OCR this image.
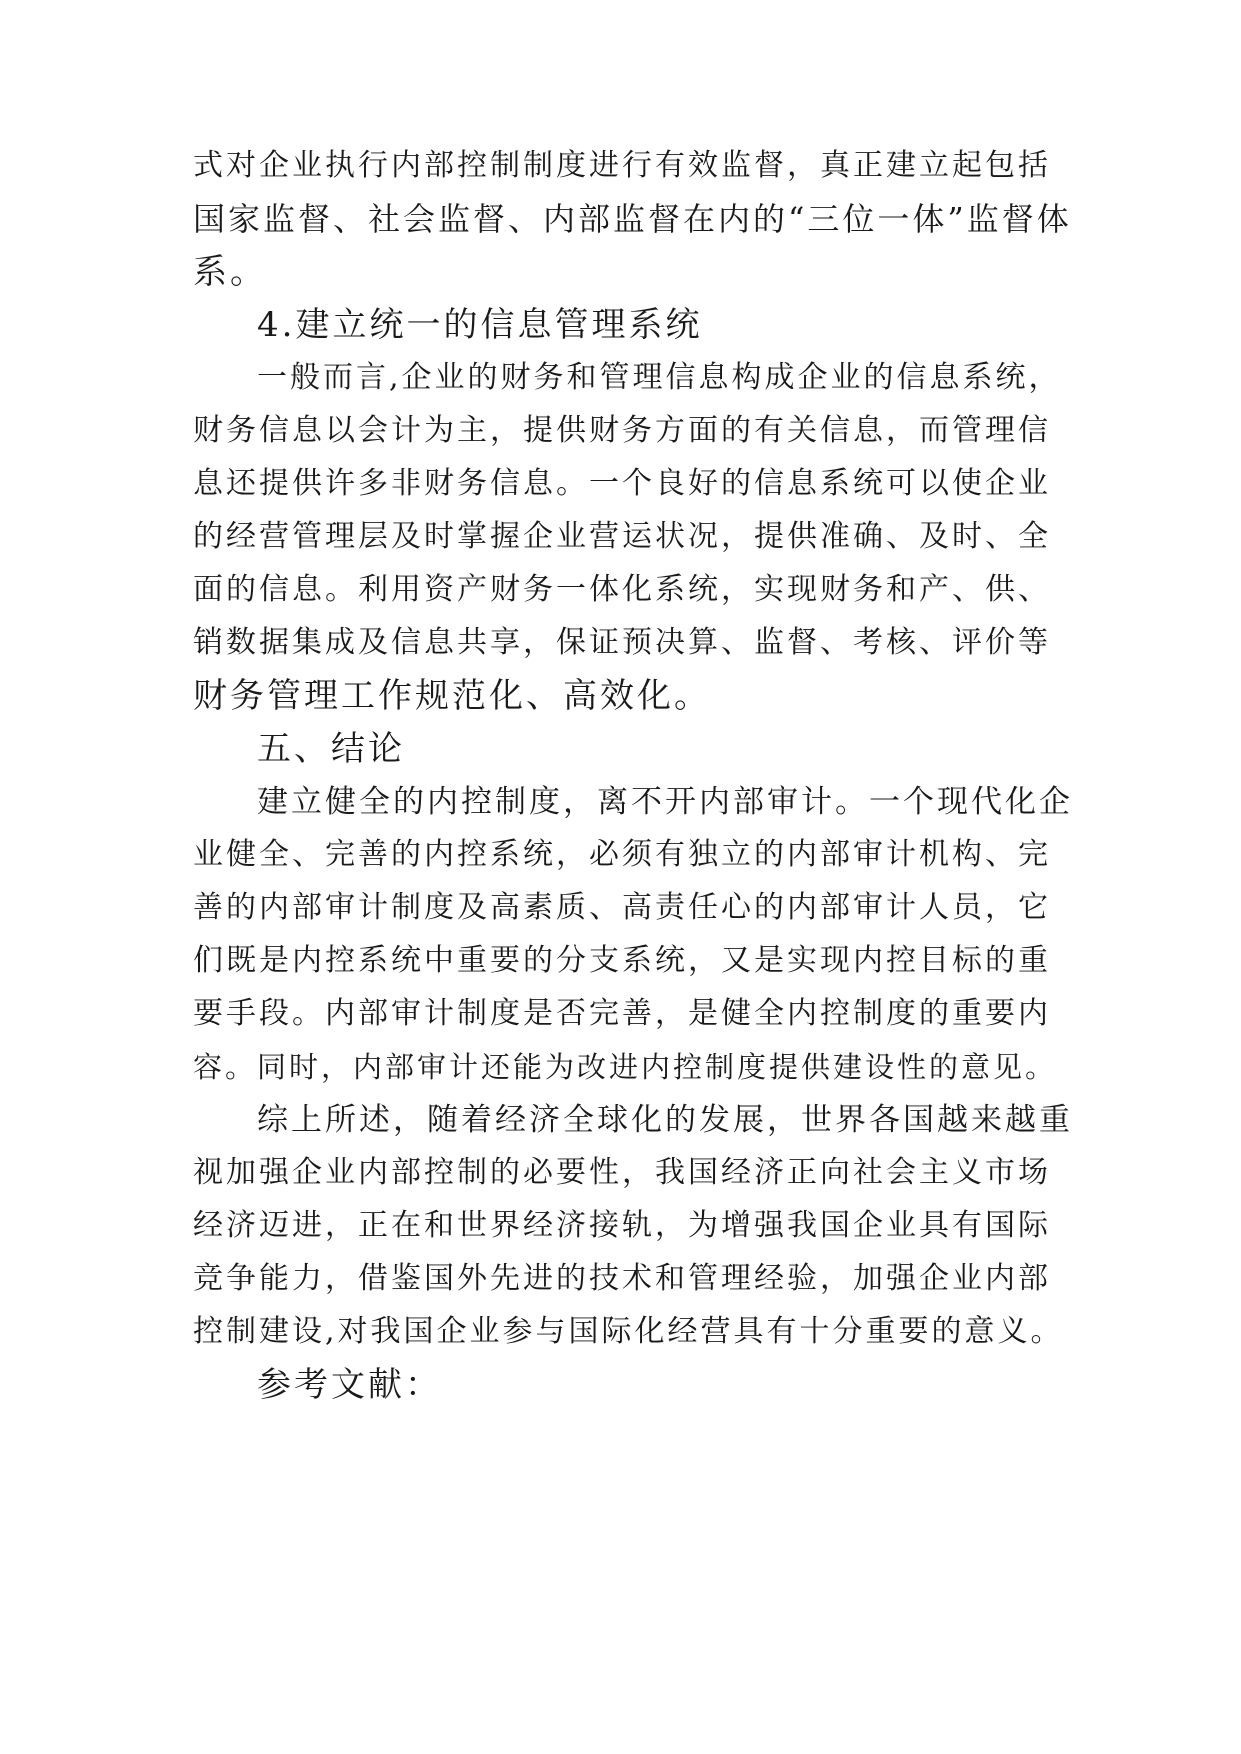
式对企业执行内部控制制度进行有效监督，真正建立起包括
国家监督、社会监督、内部监督在内的“三位一体”监督体
系。
4.建立统一的信息管理系统
一般而言,企业的财务和管理信息构成企业的信息系统，
财务信息以会计为主，提供财务方面的有关信息，而管理信
息还提供许多非财务信息。一个良好的信息系统可以使企业
的经营管理层及时掌握企业营运状况，提供准确、及时、全
面的信息。利用资产财务一体化系统，实现财务和产、供、
销数据集成及信息共享，保证预决算、监督、考核、评价等
财务管理工作规范化、高效化。
五、结论
建立健全的内控制度，离不开内部审计。一个现代化企
业健全、完善的内控系统，必须有独立的内部审计机构、完
善的内部审计制度及高素质、高责任心的内部审计人员，它
们既是内控系统中重要的分支系统，又是实现内控目标的重
要手段。内部审计制度是否完善，是健全内控制度的重要内
容。同时，内部审计还能为改进内控制度提供建设性的意见。
综上所述，随着经济全球化的发展，世界各国越来越重
视加强企业内部控制的必要性，我国经济正向社会主义市场
经济迈进，正在和世界经济接轨，为增强我国企业具有国际
竞争能力，借鉴国外先进的技术和管理经验，加强企业内部
控制建设,对我国企业参与国际化经营具有十分重要的意义。
参考文献：
